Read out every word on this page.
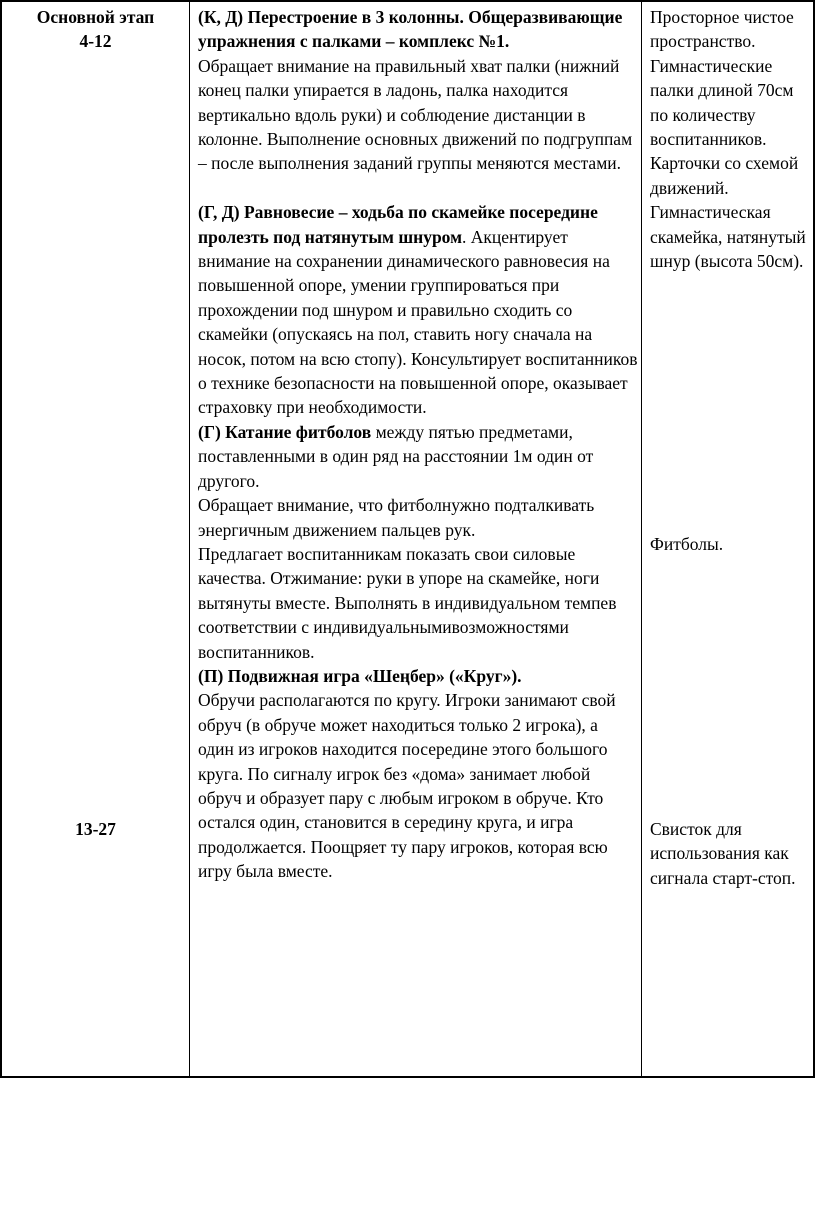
Основной этап
4-12
13-27

(К, Д) Перестроение в 3 колонны. Общеразвивающие упражнения с палками – комплекс №1.
Обращает внимание на правильный хват палки (нижний конец палки упирается в ладонь, палка находится вертикально вдоль руки) и соблюдение дистанции в колонне. Выполнение основных движений по подгруппам – после выполнения заданий группы меняются местами.

(Г, Д) Равновесие – ходьба по скамейке посередине пролезть под натянутым шнуром. Акцентирует внимание на сохранении динамического равновесия на повышенной опоре, умении группироваться при прохождении под шнуром и правильно сходить со скамейки (опускаясь на пол, ставить ногу сначала на носок, потом на всю стопу). Консультирует воспитанников о технике безопасности на повышенной опоре, оказывает страховку при необходимости.

(Г) Катание фитболов между пятью предметами, поставленными в один ряд на расстоянии 1м один от другого.
Обращает внимание, что фитболнужно подталкивать энергичным движением пальцев рук.
Предлагает воспитанникам показать свои силовые качества. Отжимание: руки в упоре на скамейке, ноги вытянуты вместе. Выполнять в индивидуальном темпев соответствии с индивидуальнымивозможностями воспитанников.

(П) Подвижная игра «Шеңбер» («Круг»).
Обручи располагаются по кругу. Игроки занимают свой обруч (в обруче может находиться только 2 игрока), а один из игроков находится посередине этого большого круга. По сигналу игрок без «дома» занимает любой обруч и образует пару с любым игроком в обруче. Кто остался один, становится в середину круга, и игра продолжается. Поощряет ту пару игроков, которая всю игру была вместе.

Просторное чистое пространство. Гимнастические палки длиной 70см по количеству воспитанников. Карточки со схемой движений. Гимнастическая скамейка, натянутый шнур (высота 50см).
Фитболы.
Свисток для использования как сигнала старт-стоп.
